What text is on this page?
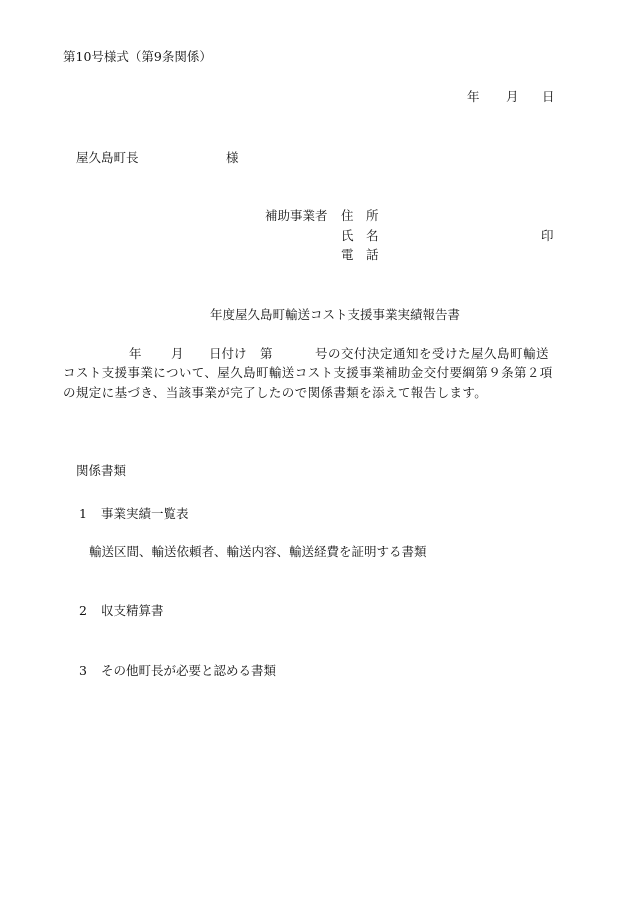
第10号様式（第9条関係）
年 月 日
屋久島町長	様
補助事業者 住　所
氏　名	印
電　話
年度屋久島町輸送コスト支援事業実績報告書
年 月 日付け 第	号の交付決定通知を受けた屋久島町輸送
コスト支援事業について、屋久島町輸送コスト支援事業補助金交付要綱第９条第２項
の規定に基づき、当該事業が完了したので関係書類を添えて報告します。
関係書類
1 事業実績一覧表
輸送区間、輸送依頼者、輸送内容、輸送経費を証明する書類
2 収支精算書
3 その他町長が必要と認める書類
